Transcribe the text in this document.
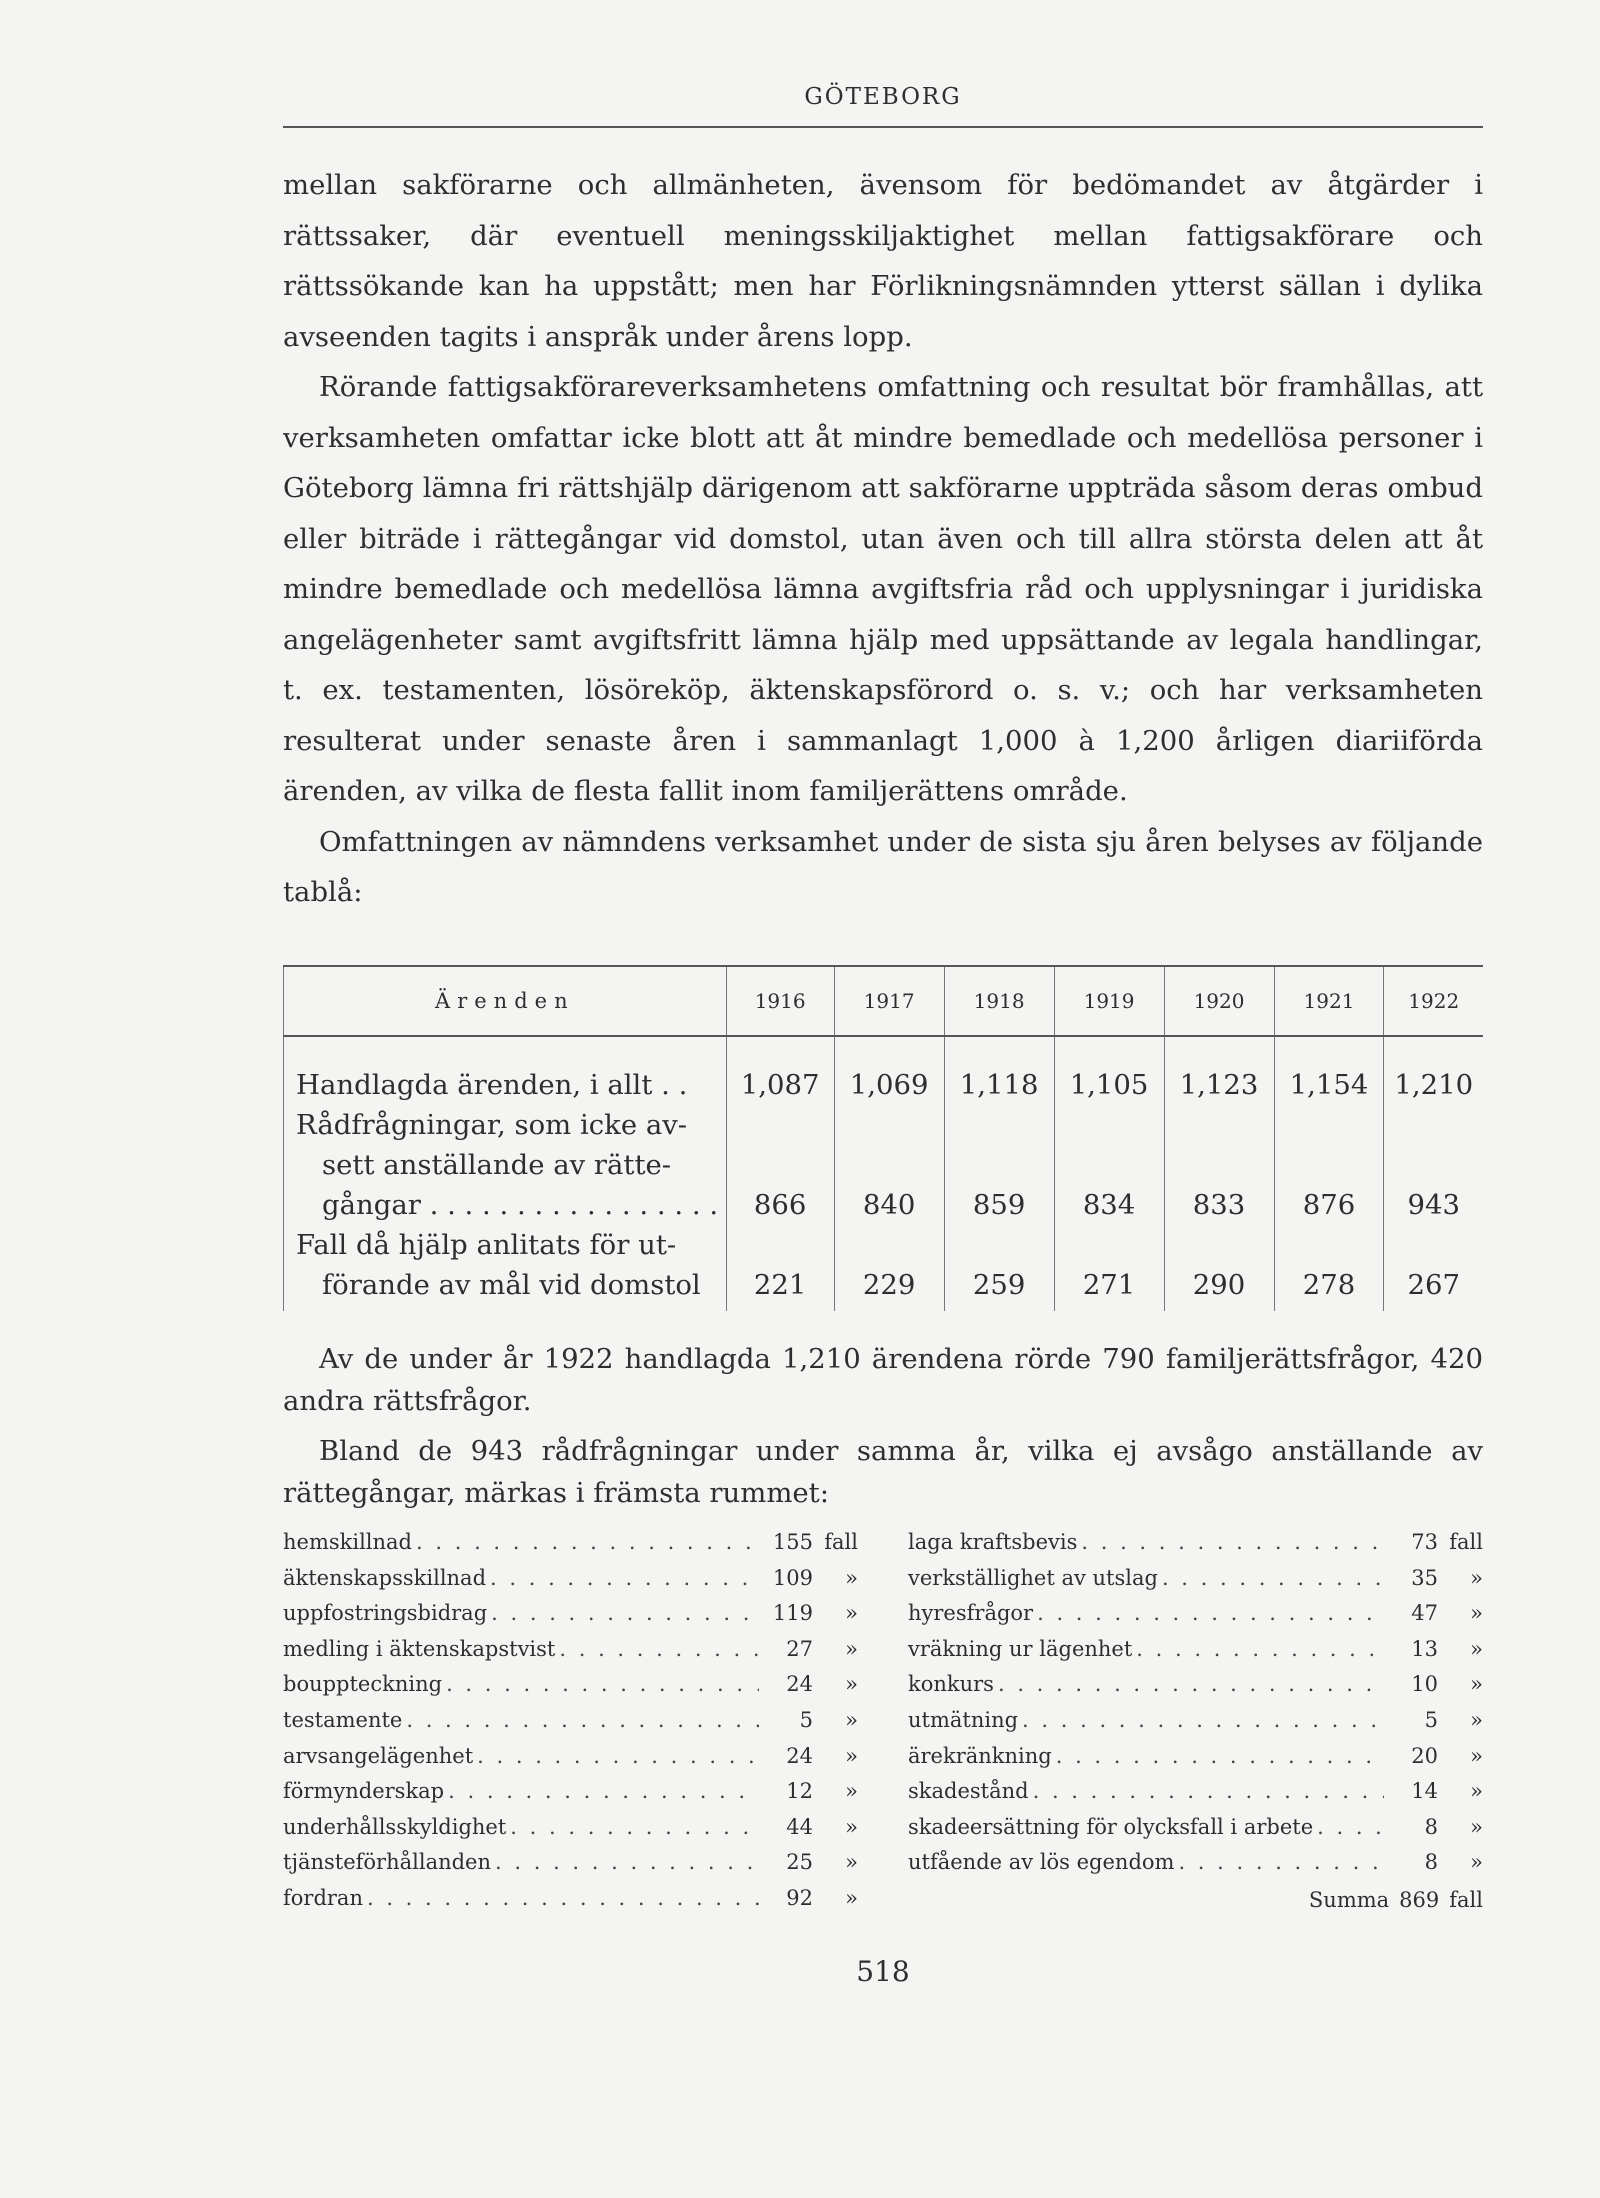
GÖTEBORG

mellan sakförarne och allmänheten, ävensom för bedömandet av åtgärder i rättssaker, där eventuell meningsskiljaktighet mellan fattigsakförare och rättssökande kan ha uppstått; men har Förlikningsnämnden ytterst sällan i dylika avseenden tagits i anspråk under årens lopp.

Rörande fattigsakförareverksamhetens omfattning och resultat bör framhållas, att verksamheten omfattar icke blott att åt mindre bemedlade och medellösa personer i Göteborg lämna fri rättshjälp därigenom att sakförarne uppträda såsom deras ombud eller biträde i rättegångar vid domstol, utan även och till allra största delen att åt mindre bemedlade och medellösa lämna avgiftsfria råd och upplysningar i juridiska angelägenheter samt avgiftsfritt lämna hjälp med uppsättande av legala handlingar, t. ex. testamenten, lösöreköp, äktenskapsförord o. s. v.; och har verksamheten resulterat under senaste åren i sammanlagt 1,000 à 1,200 årligen diariiförda ärenden, av vilka de flesta fallit inom familjerättens område.

Omfattningen av nämndens verksamhet under de sista sju åren belyses av följande tablå:

Ärenden	1916	1917	1918	1919	1920	1921	1922

Handlagda ärenden, i allt . .	1,087	1,069	1,118	1,105	1,123	1,154	1,210

Rådfrågningar, som icke av-
sett anställande av rätte-
gångar . . . . . . . . . . . . . . . . .	866	840	859	834	833	876	943

Fall då hjälp anlitats för ut-
förande av mål vid domstol	221	229	259	271	290	278	267

Av de under år 1922 handlagda 1,210 ärendena rörde 790 familjerättsfrågor, 420 andra rättsfrågor.

Bland de 943 rådfrågningar under samma år, vilka ej avsågo anställande av rättegångar, märkas i främsta rummet:

hemskillnad . . .	155 fall
äktenskapsskillnad . . .	109	»
uppfostringsbidrag . . .	119	»
medling i äktenskapstvist . . .	27	»
bouppteckning . . .	24	»
testamente . . .	5	»
arvsangelägenhet . . .	24	»
förmynderskap . . .	12	»
underhållsskyldighet . . .	44	»
tjänsteförhållanden . . .	25	»
fordran . . .	92	»
laga kraftsbevis . . .	73 fall
verkställighet av utslag . . .	35	»
hyresfrågor . . .	47	»
vräkning ur lägenhet . . .	13	»
konkurs . . .	10	»
utmätning . . .	5	»
ärekränkning . . .	20	»
skadestånd . . .	14	»
skadeersättning för olycksfall i arbete . . .	8	»
utfående av lös egendom . . .	8	»
Summa 869 fall
518
